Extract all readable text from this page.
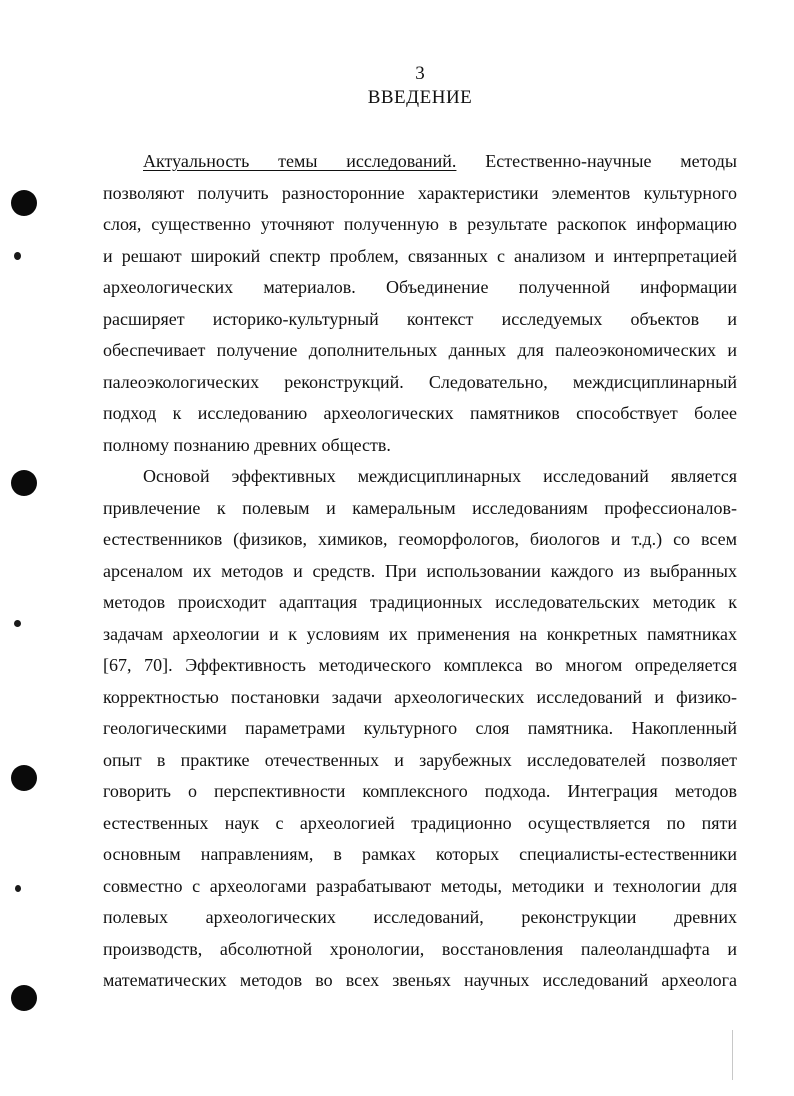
3
ВВЕДЕНИЕ
Актуальность темы исследований. Естественно-научные методы
позволяют получить разносторонние характеристики элементов культурного
слоя, существенно уточняют полученную в результате раскопок информацию
и решают широкий спектр проблем, связанных с анализом и интерпретацией
археологических материалов. Объединение полученной информации
расширяет историко-культурный контекст исследуемых объектов и
обеспечивает получение дополнительных данных для палеоэкономических и
палеоэкологических реконструкций. Следовательно, междисциплинарный
подход к исследованию археологических памятников способствует более
полному познанию древних обществ.
Основой эффективных междисциплинарных исследований является
привлечение к полевым и камеральным исследованиям профессионалов-
естественников (физиков, химиков, геоморфологов, биологов и т.д.) со всем
арсеналом их методов и средств. При использовании каждого из выбранных
методов происходит адаптация традиционных исследовательских методик к
задачам археологии и к условиям их применения на конкретных памятниках
[67, 70]. Эффективность методического комплекса во многом определяется
корректностью постановки задачи археологических исследований и физико-
геологическими параметрами культурного слоя памятника. Накопленный
опыт в практике отечественных и зарубежных исследователей позволяет
говорить о перспективности комплексного подхода. Интеграция методов
естественных наук с археологией традиционно осуществляется по пяти
основным направлениям, в рамках которых специалисты-естественники
совместно с археологами разрабатывают методы, методики и технологии для
полевых археологических исследований, реконструкции древних
производств, абсолютной хронологии, восстановления палеоландшафта и
математических методов во всех звеньях научных исследований археолога
